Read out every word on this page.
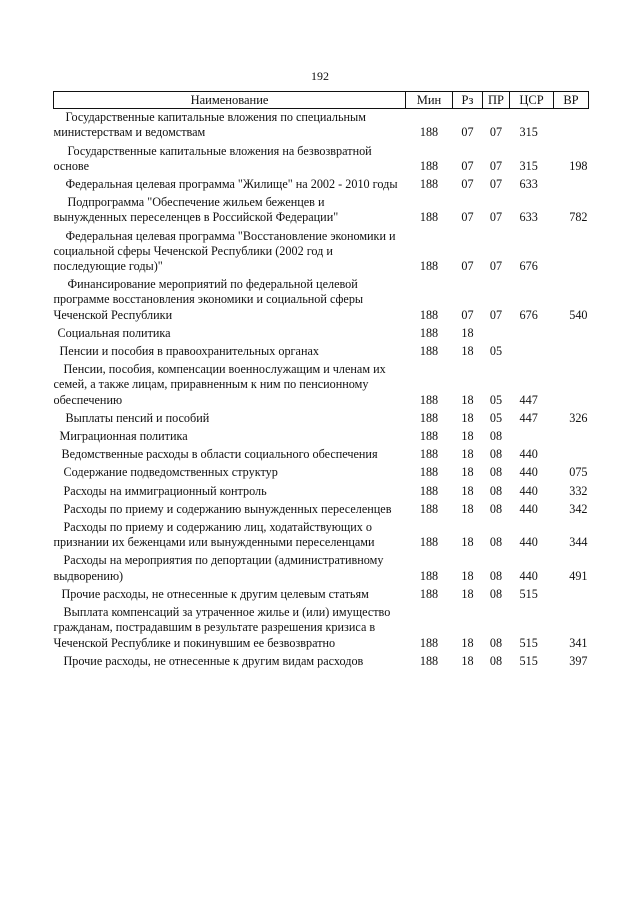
192
Наименование	Мин	Рз	ПР	ЦСР	ВР

Государственные капитальные вложения по специальным министерствам и ведомствам	188	07	07	315	

Государственные капитальные вложения на безвозвратной основе	188	07	07	315	198

Федеральная целевая программа "Жилище" на 2002 - 2010 годы	188	07	07	633	

Подпрограмма "Обеспечение жильем беженцев и вынужденных переселенцев в Российской Федерации"	188	07	07	633	782

Федеральная целевая программа "Восстановление экономики и социальной сферы Чеченской Республики (2002 год и последующие годы)"	188	07	07	676	

Финансирование мероприятий по федеральной целевой программе восстановления экономики и социальной сферы Чеченской Республики	188	07	07	676	540

Социальная политика	188	18			

Пенсии и пособия в правоохранительных органах	188	18	05		

Пенсии, пособия, компенсации военнослужащим и членам их семей, а также лицам, приравненным к ним по пенсионному обеспечению	188	18	05	447	

Выплаты пенсий и пособий	188	18	05	447	326

Миграционная политика	188	18	08		

Ведомственные расходы в области социального обеспечения	188	18	08	440	

Содержание подведомственных структур	188	18	08	440	075

Расходы на иммиграционный контроль	188	18	08	440	332

Расходы по приему и содержанию вынужденных переселенцев	188	18	08	440	342

Расходы по приему и содержанию лиц, ходатайствующих о признании их беженцами или вынужденными переселенцами	188	18	08	440	344

Расходы на мероприятия по депортации (административному выдворению)	188	18	08	440	491

Прочие расходы, не отнесенные к другим целевым статьям	188	18	08	515	

Выплата компенсаций за утраченное жилье и (или) имущество гражданам, пострадавшим в результате разрешения кризиса в Чеченской Республике и покинувшим ее безвозвратно	188	18	08	515	341

Прочие расходы, не отнесенные к другим видам расходов	188	18	08	515	397
